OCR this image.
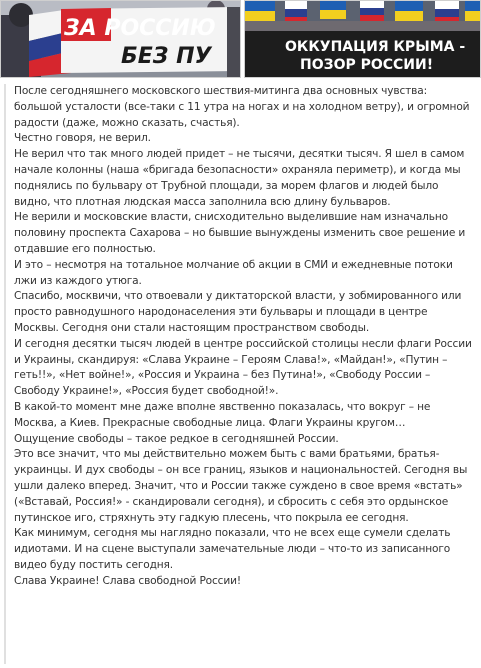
ЗА РОССИЮ
БЕЗ ПУ	ОККУПАЦИЯ КРЫМА -
ПОЗОР РОССИИ!

После сегодняшнего московского шествия-митинга два основных чувства: большой усталости (все-таки с 11 утра на ногах и на холодном ветру), и огромной радости (даже, можно сказать, счастья).

Честно говоря, не верил.

Не верил что так много людей придет – не тысячи, десятки тысяч. Я шел в самом начале колонны (наша «бригада безопасности» охраняла периметр), и когда мы поднялись по бульвару от Трубной площади, за морем флагов и людей было видно, что плотная людская масса заполнила всю длину бульваров.

Не верили и московские власти, снисходительно выделившие нам изначально половину проспекта Сахарова – но бывшие вынуждены изменить свое решение и отдавшие его полностью.

И это – несмотря на тотальное молчание об акции в СМИ и ежедневные потоки лжи из каждого утюга.

Спасибо, москвичи, что отвоевали у диктаторской власти, у зобмированного или просто равнодушного народонаселения эти бульвары и площади в центре Москвы. Сегодня они стали настоящим пространством свободы.

И сегодня десятки тысяч людей в центре российской столицы несли флаги России и Украины, скандируя: «Слава Украине – Героям Слава!», «Майдан!», «Путин – геть!!», «Нет войне!», «Россия и Украина – без Путина!», «Свободу России – Свободу Украине!», «Россия будет свободной!».

В какой-то момент мне даже вполне явственно показалась, что вокруг – не Москва, а Киев. Прекрасные свободные лица. Флаги Украины кругом…

Ощущение свободы – такое редкое в сегодняшней России.

Это все значит, что мы действительно можем быть с вами братьями, братья-украинцы. И дух свободы – он все границ, языков и национальностей. Сегодня вы ушли далеко вперед. Значит, что и России также суждено в свое время «встать» («Вставай, Россия!» - скандировали сегодня), и сбросить с себя это ордынское путинское иго, стряхнуть эту гадкую плесень, что покрыла ее сегодня.

Как минимум, сегодня мы наглядно показали, что не всех еще сумели сделать идиотами. И на сцене выступали замечательные люди – что-то из записанного видео буду постить сегодня.

Слава Украине! Слава свободной России!
